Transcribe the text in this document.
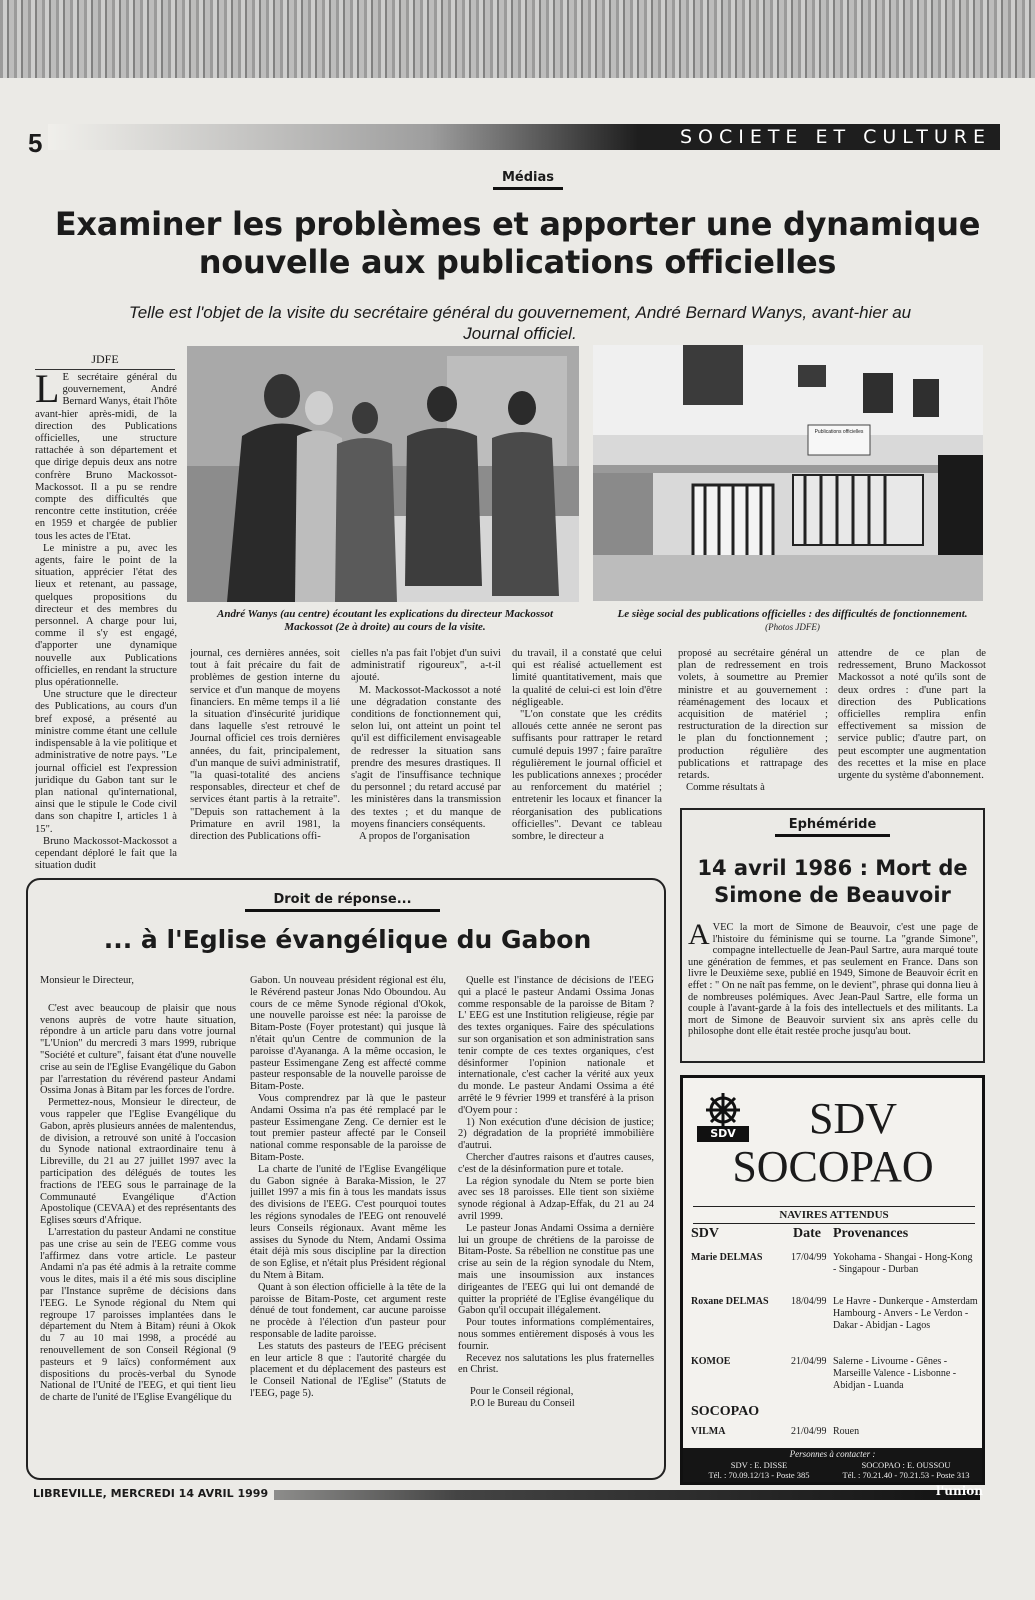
5	SOCIETE ET CULTURE
Médias
Examiner les problèmes et apporter une dynamique nouvelle aux publications officielles
Telle est l'objet de la visite du secrétaire général du gouvernement, André Bernard Wanys, avant-hier au Journal officiel.
JDFE
L E secrétaire général du gouvernement, André Bernard Wanys, était l'hôte avant-hier après-midi, de la direction des Publications officielles, une structure rattachée à son département et que dirige depuis deux ans notre confrère Bruno Mackossot-Mackossot. Il a pu se rendre compte des difficultés que rencontre cette institution, créée en 1959 et chargée de publier tous les actes de l'Etat.

Le ministre a pu, avec les agents, faire le point de la situation, apprécier l'état des lieux et retenant, au passage, quelques propositions du directeur et des membres du personnel. A charge pour lui, comme il s'y est engagé, d'apporter une dynamique nouvelle aux Publications officielles, en rendant la structure plus opérationnelle.

Une structure que le directeur des Publications, au cours d'un bref exposé, a présenté au ministre comme étant une cellule indispensable à la vie politique et administrative de notre pays. "Le journal officiel est l'expression juridique du Gabon tant sur le plan national qu'international, ainsi que le stipule le Code civil dans son chapitre I, articles 1 à 15".

Bruno Mackossot-Mackossot a cependant déploré le fait que la situation dudit

Publications officielles
André Wanys (au centre) écoutant les explications du directeur Mackossot Mackossot (2e à droite) au cours de la visite.
Le siège social des publications officielles : des difficultés de fonctionnement. (Photos JDFE)

journal, ces dernières années, soit tout à fait précaire du fait de problèmes de gestion interne du service et d'un manque de moyens financiers. En même temps il a lié la situation d'insécurité juridique dans laquelle s'est retrouvé le Journal officiel ces trois dernières années, du fait, principalement, d'un manque de suivi administratif, "la quasi-totalité des anciens responsables, directeur et chef de services étant partis à la retraite". "Depuis son rattachement à la Primature en avril 1981, la direction des Publications offi-

cielles n'a pas fait l'objet d'un suivi administratif rigoureux", a-t-il ajouté.

M. Mackossot-Mackossot a noté une dégradation constante des conditions de fonctionnement qui, selon lui, ont atteint un point tel qu'il est difficilement envisageable de redresser la situation sans prendre des mesures drastiques. Il s'agit de l'insuffisance technique du personnel ; du retard accusé par les ministères dans la transmission des textes ; et du manque de moyens financiers conséquents.

A propos de l'organisation

du travail, il a constaté que celui qui est réalisé actuellement est limité quantitativement, mais que la qualité de celui-ci est loin d'être négligeable.

"L'on constate que les crédits alloués cette année ne seront pas suffisants pour rattraper le retard cumulé depuis 1997 ; faire paraître régulièrement le journal officiel et les publications annexes ; procéder au renforcement du matériel ; entretenir les locaux et financer la réorganisation des publications officielles". Devant ce tableau sombre, le directeur a

proposé au secrétaire général un plan de redressement en trois volets, à soumettre au Premier ministre et au gouvernement : réaménagement des locaux et acquisition de matériel ; restructuration de la direction sur le plan du fonctionnement ; production régulière des publications et rattrapage des retards.

Comme résultats à

attendre de ce plan de redressement, Bruno Mackossot Mackossot a noté qu'ils sont de deux ordres : d'une part la direction des Publications officielles remplira enfin effectivement sa mission de service public; d'autre part, on peut escompter une augmentation des recettes et la mise en place urgente du système d'abonnement.

Droit de réponse...
... à l'Eglise évangélique du Gabon

Monsieur le Directeur,

C'est avec beaucoup de plaisir que nous venons auprès de votre haute situation, répondre à un article paru dans votre journal "L'Union" du mercredi 3 mars 1999, rubrique "Société et culture", faisant état d'une nouvelle crise au sein de l'Eglise Evangélique du Gabon par l'arrestation du révérend pasteur Andami Ossima Jonas à Bitam par les forces de l'ordre.

Permettez-nous, Monsieur le directeur, de vous rappeler que l'Eglise Evangélique du Gabon, après plusieurs années de malentendus, de division, a retrouvé son unité à l'occasion du Synode national extraordinaire tenu à Libreville, du 21 au 27 juillet 1997 avec la participation des délégués de toutes les fractions de l'EEG sous le parrainage de la Communauté Evangélique d'Action Apostolique (CEVAA) et des représentants des Eglises sœurs d'Afrique.

L'arrestation du pasteur Andami ne constitue pas une crise au sein de l'EEG comme vous l'affirmez dans votre article. Le pasteur Andami n'a pas été admis à la retraite comme vous le dites, mais il a été mis sous discipline par l'Instance suprême de décisions dans l'EEG. Le Synode régional du Ntem qui regroupe 17 paroisses implantées dans le département du Ntem à Bitam) réuni à Okok du 7 au 10 mai 1998, a procédé au renouvellement de son Conseil Régional (9 pasteurs et 9 laïcs) conformément aux dispositions du procès-verbal du Synode National de l'Unité de l'EEG, et qui tient lieu de charte de l'unité de l'Eglise Evangélique du

Gabon. Un nouveau président régional est élu, le Révérend pasteur Jonas Ndo Oboundou. Au cours de ce même Synode régional d'Okok, une nouvelle paroisse est née: la paroisse de Bitam-Poste (Foyer protestant) qui jusque là n'était qu'un Centre de communion de la paroisse d'Ayananga. A la même occasion, le pasteur Essimengane Zeng est affecté comme pasteur responsable de la nouvelle paroisse de Bitam-Poste.

Vous comprendrez par là que le pasteur Andami Ossima n'a pas été remplacé par le pasteur Essimengane Zeng. Ce dernier est le tout premier pasteur affecté par le Conseil national comme responsable de la paroisse de Bitam-Poste.

La charte de l'unité de l'Eglise Evangélique du Gabon signée à Baraka-Mission, le 27 juillet 1997 a mis fin à tous les mandats issus des divisions de l'EEG. C'est pourquoi toutes les régions synodales de l'EEG ont renouvelé leurs Conseils régionaux. Avant même les assises du Synode du Ntem, Andami Ossima était déjà mis sous discipline par la direction de son Eglise, et n'était plus Président régional du Ntem à Bitam.

Quant à son élection officielle à la tête de la paroisse de Bitam-Poste, cet argument reste dénué de tout fondement, car aucune paroisse ne procède à l'élection d'un pasteur pour responsable de ladite paroisse.

Les statuts des pasteurs de l'EEG précisent en leur article 8 que : l'autorité chargée du placement et du déplacement des pasteurs est le Conseil National de l'Eglise" (Statuts de l'EEG, page 5).

Quelle est l'instance de décisions de l'EEG qui a placé le pasteur Andami Ossima Jonas comme responsable de la paroisse de Bitam ? L' EEG est une Institution religieuse, régie par des textes organiques. Faire des spéculations sur son organisation et son administration sans tenir compte de ces textes organiques, c'est désinformer l'opinion nationale et internationale, c'est cacher la vérité aux yeux du monde. Le pasteur Andami Ossima a été arrêté le 9 février 1999 et transféré à la prison d'Oyem pour :

1) Non exécution d'une décision de justice; 2) dégradation de la propriété immobilière d'autrui.

Chercher d'autres raisons et d'autres causes, c'est de la désinformation pure et totale.

La région synodale du Ntem se porte bien avec ses 18 paroisses. Elle tient son sixième synode régional à Adzap-Effak, du 21 au 24 avril 1999.

Le pasteur Jonas Andami Ossima a dernière lui un groupe de chrétiens de la paroisse de Bitam-Poste. Sa rébellion ne constitue pas une crise au sein de la région synodale du Ntem, mais une insoumission aux instances dirigeantes de l'EEG qui lui ont demandé de quitter la propriété de l'Eglise évangélique du Gabon qu'il occupait illégalement.

Pour toutes informations complémentaires, nous sommes entièrement disposés à vous les fournir.

Recevez nos salutations les plus fraternelles en Christ.

Pour le Conseil régional,

P.O le Bureau du Conseil

Ephéméride
14 avril 1986 : Mort de Simone de Beauvoir
A VEC la mort de Simone de Beauvoir, c'est une page de l'histoire du féminisme qui se tourne. La "grande Simone", compagne intellectuelle de Jean-Paul Sartre, aura marqué toute une génération de femmes, et pas seulement en France. Dans son livre le Deuxième sexe, publié en 1949, Simone de Beauvoir écrit en effet : " On ne naît pas femme, on le devient", phrase qui donna lieu à de nombreuses polémiques. Avec Jean-Paul Sartre, elle forma un couple à l'avant-garde à la fois des intellectuels et des militants. La mort de Simone de Beauvoir survient six ans après celle du philosophe dont elle était restée proche jusqu'au bout.

SDV	SDV
SOCOPAO
NAVIRES ATTENDUS
SDV	Date Provenances
Marie DELMAS	17/04/99 Yokohama - Shangai - Hong-Kong - Singapour - Durban
Roxane DELMAS 18/04/99 Le Havre - Dunkerque - Amsterdam Hambourg - Anvers - Le Verdon - Dakar - Abidjan - Lagos
KOMOE	21/04/99 Salerne - Livourne - Gênes - Marseille Valence - Lisbonne - Abidjan - Luanda
SOCOPAO
VILMA	21/04/99 Rouen
Personnes à contacter :
SDV : E. DISSE
Tél. : 70.09.12/13 - Poste 385
SOCOPAO : E. OUSSOU
Tél. : 70.21.40 - 70.21.53 - Poste 313
LIBREVILLE, MERCREDI 14 AVRIL 1999	l'union
